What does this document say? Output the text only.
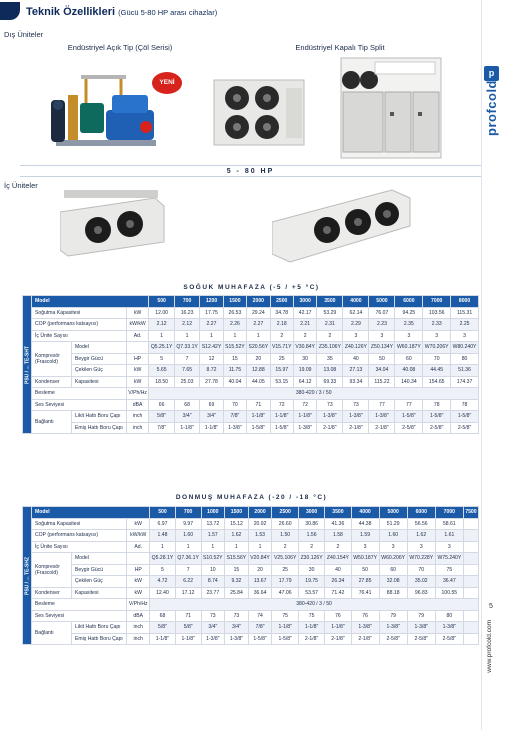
Teknik Özellikleri (Gücü 5-80 HP arası cihazlar)
p
profcold
5
www.profcold.com
Dış Üniteler
Endüstriyel Açık Tip (Çöl Serisi)	Endüstriyel Kapalı Tip Split
YENİ
5 - 80 HP
İç Üniteler
SOĞUK MUHAFAZA (-5 / +5 °C)
PSU / ... TE-SHT	Model			500	700	1200	1500	2000	2500	3000	3500	4000	5000	6000	7000	8000
	Soğutma Kapasitesi		kW	12.00	16.23	17.75	26.53	29.24	34.78	42.17	53.29	62.14	76.07	94.25	103.56	115.31
	COP (performans katsayısı)		kW/kW	2.12	2.12	2.27	2.26	2.27	2.18	2.21	2.31	2.29	2.23	2.35	2.33	2.25
	İç Ünite Sayısı		Ad.	1	1	1	1	1	2	2	2	3	3	3	3	3
	Kompresör (Frascold)	Model		Q5.25.1Y	Q7.33.1Y	S12.42Y	S15.52Y	S20.56Y	V15.71Y	V30.84Y	Z35.106Y	Z40.126Y	Z50.134Y	W60.187Y	W70.206Y	W80.240Y
		Beygir Gücü	HP	5	7	12	15	20	25	30	35	40	50	60	70	80
		Çekilen Güç	kW	5.65	7.65	8.72	11.75	12.88	15.97	19.09	13.08	27.13	34.04	40.08	44.45	51.36
	Kondenser	Kapasitesi	kW	18.50	25.03	27.78	40.04	44.05	53.15	64.12	69.33	93.34	115.22	140.34	154.65	174.37
	Besleme		V/Ph/Hz	380-420 / 3 / 50												
	Ses Seviyesi		dBA	66	68	69	70	71	72	72	73	73	77	77	78	78
	Bağlantı	Likit Hattı Boru Çapı	inch	5/8"	3/4"	3/4"	7/8"	1-1/8"	1-1/8"	1-1/8"	1-3/8"	1-3/8"	1-3/8"	1-5/8"	1-5/8"	1-5/8"
		Emiş Hattı Boru Çapı	inch	7/8"	1-1/8"	1-1/8"	1-3/8"	1-5/8"	1-5/8"	1-3/8"	2-1/8"	2-1/8"	2-1/8"	2-5/8"	2-5/8"	2-5/8"
DONMUŞ MUHAFAZA (-20 / -18 °C)
PSU / ... TE-SHZ	Model			500	700	1000	1500	2000	2500	3000	3500	4000	5000	6000	7000	7500
	Soğutma Kapasitesi		kW	6.97	9.97	13.72	15.12	20.92	26.60	30.86	41.36	44.38	51.29	56.56	58.61	
	COP (performans katsayısı)		kW/kW	1.48	1.60	1.57	1.62	1.53	1.50	1.56	1.58	1.59	1.60	1.62	1.61	
	İç Ünite Sayısı		Ad.	1	1	1	1	1	2	2	2	3	3	3	3	
	Kompresör (Frascold)	Model		Q5.28.1Y	Q7.36.1Y	S10.52Y	S15.56Y	V20.84Y	V25.106Y	Z30.126Y	Z40.154Y	W50.187Y	W60.206Y	W70.228Y	W75.240Y	
		Beygir Gücü	HP	5	7	10	15	20	25	30	40	50	60	70	75	
		Çekilen Güç	kW	4.72	6.22	8.74	9.32	13.67	17.79	19.75	26.34	27.85	32.08	35.02	36.47	
	Kondenser	Kapasitesi	kW	12.40	17.12	23.77	25.84	36.64	47.06	53.57	71.42	76.41	88.18	96.83	100.55	
	Besleme		V/Ph/Hz	380-420 / 3 / 50												
	Ses Seviyesi		dBA	68	71	73	73	74	75	75	76	76	79	79	80	
	Bağlantı	Likit Hattı Boru Çapı	inch	5/8"	5/8"	3/4"	3/4"	7/8"	1-1/8"	1-1/8"	1-1/8"	1-3/8"	1-3/8"	1-3/8"	1-3/8"	
		Emiş Hattı Boru Çapı	inch	1-1/8"	1-1/8"	1-3/8"	1-3/8"	1-5/8"	1-5/8"	2-1/8"	2-1/8"	2-1/8"	2-5/8"	2-5/8"	2-5/8"	
